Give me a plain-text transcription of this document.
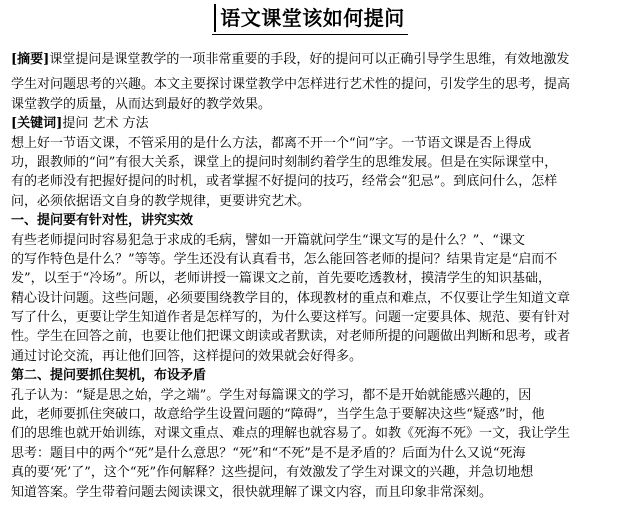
语文课堂该如何提问
[摘要]课堂提问是课堂教学的一项非常重要的手段，好的提问可以正确引导学生思维，有效地激发
学生对问题思考的兴趣。本文主要探讨课堂教学中怎样进行艺术性的提问，引发学生的思考，提高
课堂教学的质量，从而达到最好的教学效果。
[关键词]提问 艺术 方法
想上好一节语文课，不管采用的是什么方法，都离不开一个“问”字。一节语文课是否上得成
功，跟教师的“问”有很大关系，课堂上的提问时刻制约着学生的思维发展。但是在实际课堂中，
有的老师没有把握好提问的时机，或者掌握不好提问的技巧，经常会“犯忌”。到底问什么，怎样
问，必须依据语文自身的教学规律，更要讲究艺术。
一、提问要有针对性，讲究实效
有些老师提问时容易犯急于求成的毛病，譬如一开篇就问学生“课文写的是什么？”、“课文
的写作特色是什么？”等等。学生还没有认真看书，怎么能回答老师的提问？结果肯定是“启而不
发”，以至于“冷场”。所以，老师讲授一篇课文之前，首先要吃透教材，摸清学生的知识基础，
精心设计问题。这些问题，必须要围绕教学目的，体现教材的重点和难点，不仅要让学生知道文章
写了什么，更要让学生知道作者是怎样写的，为什么要这样写。问题一定要具体、规范、要有针对
性。学生在回答之前，也要让他们把课文朗读或者默读，对老师所提的问题做出判断和思考，或者
通过讨论交流，再让他们回答，这样提问的效果就会好得多。
第二、提问要抓住契机，布设矛盾
孔子认为：“疑是思之始，学之端”。学生对每篇课文的学习，都不是开始就能感兴趣的，因
此，老师要抓住突破口，故意给学生设置问题的“障碍”，当学生急于要解决这些“疑惑”时，他
们的思维也就开始训练，对课文重点、难点的理解也就容易了。如教《死海不死》一文，我让学生
思考：题目中的两个“死”是什么意思？“死”和“不死”是不是矛盾的？后面为什么又说“死海
真的要‘死’了”，这个“死”作何解释？这些提问，有效激发了学生对课文的兴趣，并急切地想
知道答案。学生带着问题去阅读课文，很快就理解了课文内容，而且印象非常深刻。
